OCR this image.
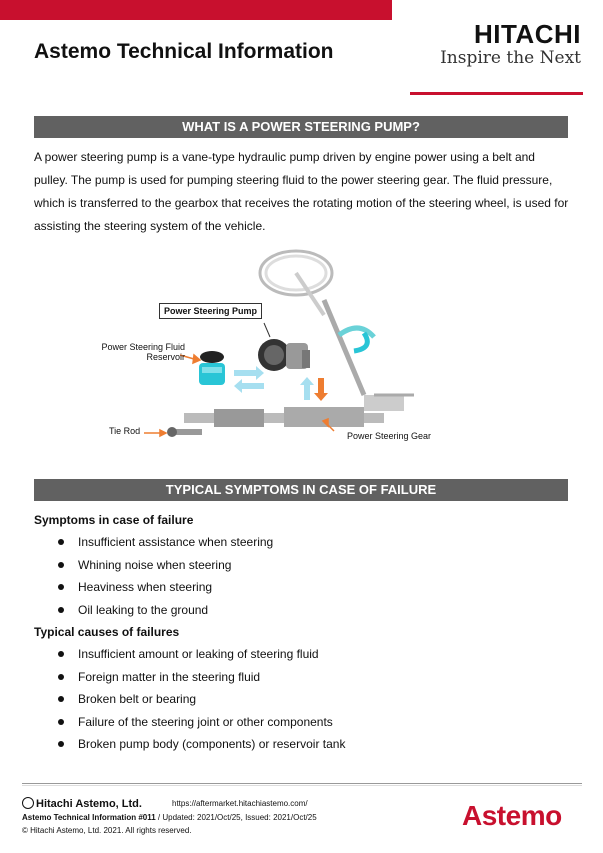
Astemo Technical Information
HITACHI
Inspire the Next
WHAT IS A POWER STEERING PUMP?
A power steering pump is a vane-type hydraulic pump driven by engine power using a belt and pulley. The pump is used for pumping steering fluid to the power steering gear. The fluid pressure, which is transferred to the gearbox that receives the rotating motion of the steering wheel, is used for assisting the steering system of the vehicle.
Power Steering Pump
Power Steering Fluid
Reservoir
Tie Rod	Power Steering Gear
TYPICAL SYMPTOMS IN CASE OF FAILURE
Symptoms in case of failure
Insufficient assistance when steering
Whining noise when steering
Heaviness when steering
Oil leaking to the ground
Typical causes of failures
Insufficient amount or leaking of steering fluid
Foreign matter in the steering fluid
Broken belt or bearing
Failure of the steering joint or other components
Broken pump body (components) or reservoir tank
Hitachi Astemo, Ltd.	https://aftermarket.hitachiastemo.com/
Astemo Technical Information #011 / Updated: 2021/Oct/25, Issued: 2021/Oct/25
© Hitachi Astemo, Ltd. 2021. All rights reserved.	Astemo
